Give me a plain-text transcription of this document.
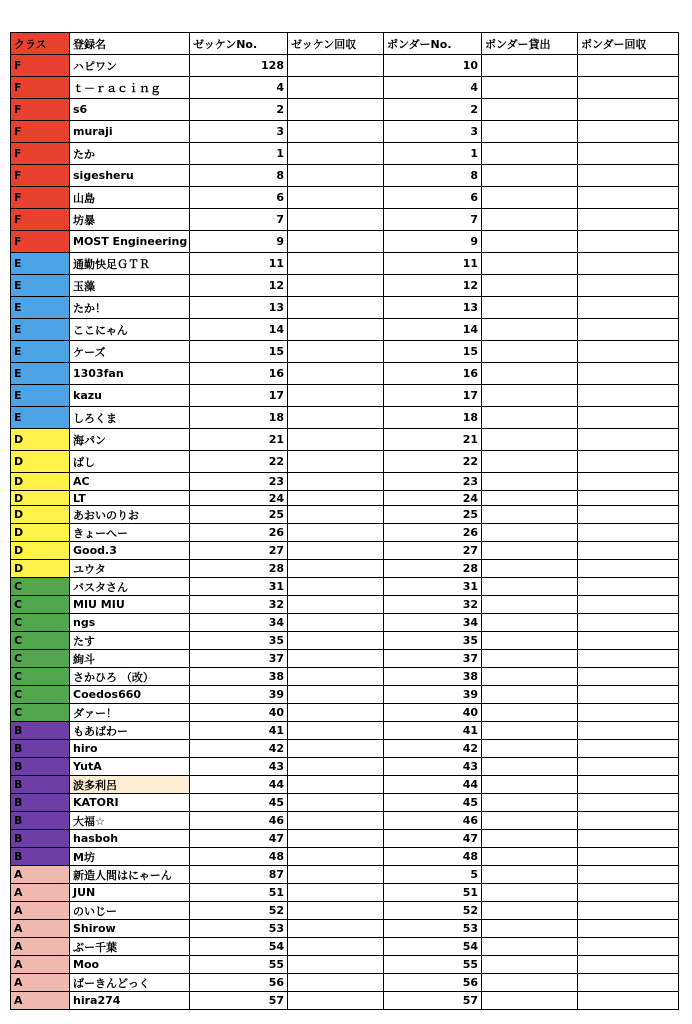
クラス	登録名	ゼッケンNo.	ゼッケン回収	ポンダーNo.	ポンダー貸出	ポンダー回収
F	ハピワン	128		10		
F	ｔ－ｒａｃｉｎｇ	4		4		
F	s6	2		2		
F	muraji	3		3		
F	たか	1		1		
F	sigesheru	8		8		
F	山島	6		6		
F	坊暴	7		7		
F	MOST Engineering	9		9		
E	通勤快足ＧＴＲ	11		11		
E	玉藻	12		12		
E	たか！	13		13		
E	ここにゃん	14		14		
E	ケーズ	15		15		
E	1303fan	16		16		
E	kazu	17		17		
E	しろくま	18		18		
D	海パン	21		21		
D	ばし	22		22		
D	AC	23		23		
D	LT	24		24		
D	あおいのりお	25		25		
D	きょーへー	26		26		
D	Good.3	27		27		
D	ユウタ	28		28		
C	バスタさん	31		31		
C	MIU MIU	32		32		
C	ngs	34		34		
C	たす	35		35		
C	絢斗	37		37		
C	さかひろ （改）	38		38		
C	Coedos660	39		39		
C	ダァー！	40		40		
B	もあばわー	41		41		
B	hiro	42		42		
B	YutA	43		43		
B	波多利呂	44		44		
B	KATORI	45		45		
B	大福☆	46		46		
B	hasboh	47		47		
B	M坊	48		48		
A	新造人間はにゃーん	87		5		
A	JUN	51		51		
A	のいじー	52		52		
A	Shirow	53		53		
A	ぶー千葉	54		54		
A	Moo	55		55		
A	ばーきんどっく	56		56		
A	hira274	57		57		
